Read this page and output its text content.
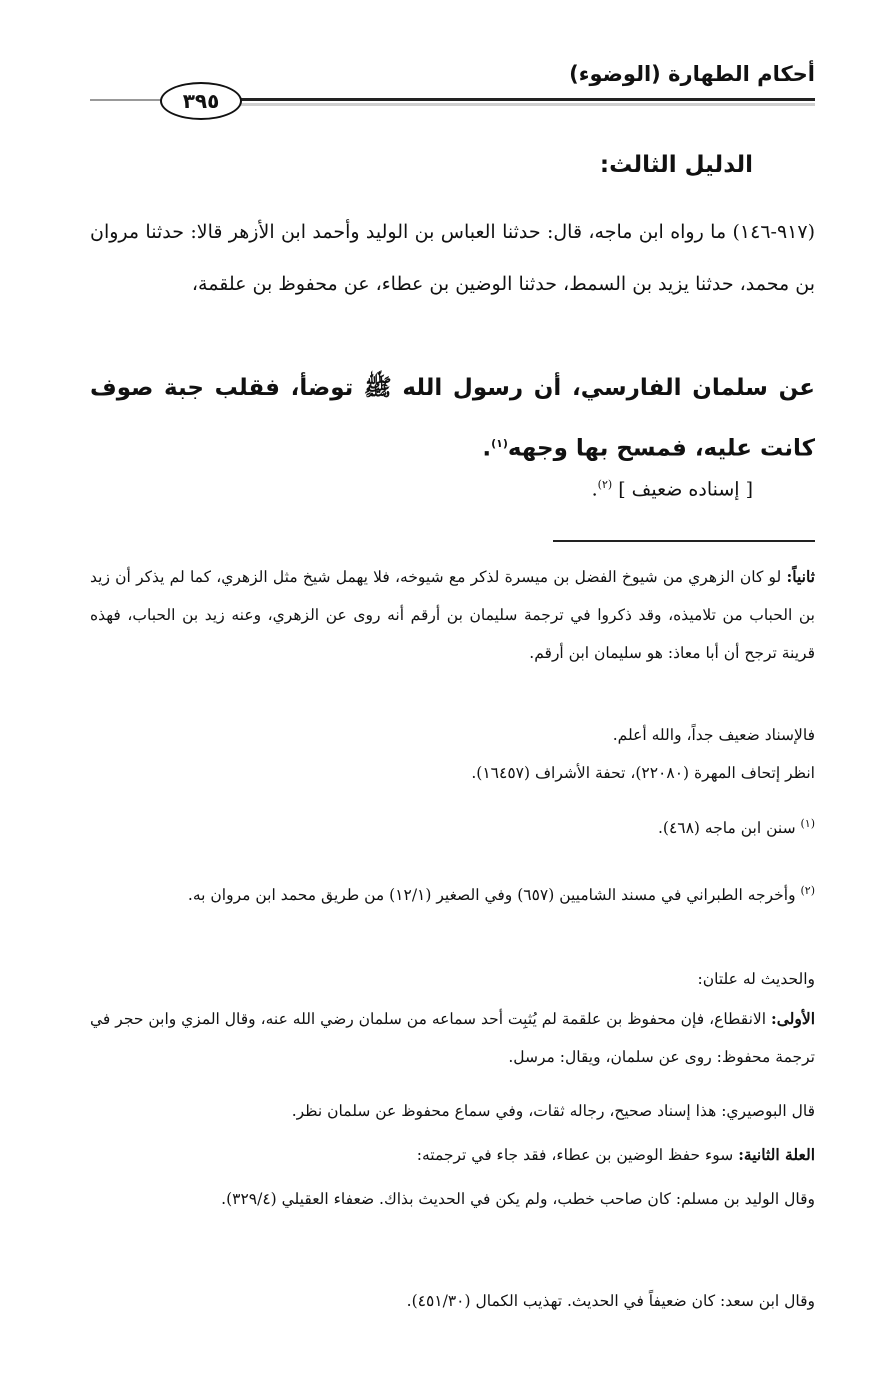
٣٩٥
أحكام الطهارة (الوضوء)
الدليل الثالث:
(٩١٧-١٤٦) ما رواه ابن ماجه، قال: حدثنا العباس بن الوليد وأحمد ابن الأزهر قالا: حدثنا مروان بن محمد، حدثنا يزيد بن السمط، حدثنا الوضين بن عطاء، عن محفوظ بن علقمة،
عن سلمان الفارسي، أن رسول الله ﷺ توضأ، فقلب جبة صوف كانت عليه، فمسح بها وجهه$^{(١)}$.
[ إسناده ضعيف ] $^{(٢)}$.
ثانياً: لو كان الزهري من شيوخ الفضل بن ميسرة لذكر مع شيوخه، فلا يهمل شيخ مثل الزهري، كما لم يذكر أن زيد بن الحباب من تلاميذه، وقد ذكروا في ترجمة سليمان بن أرقم أنه روى عن الزهري، وعنه زيد بن الحباب، فهذه قرينة ترجح أن أبا معاذ: هو سليمان ابن أرقم.
فالإسناد ضعيف جداً، والله أعلم.
انظر إتحاف المهرة (٢٢٠٨٠)، تحفة الأشراف (١٦٤٥٧).
$^{(١)}$ سنن ابن ماجه (٤٦٨).
$^{(٢)}$ وأخرجه الطبراني في مسند الشاميين (٦٥٧) وفي الصغير (١٢/١) من طريق محمد ابن مروان به.
والحديث له علتان:
الأولى: الانقطاع، فإن محفوظ بن علقمة لم يُثبِت أحد سماعه من سلمان رضي الله عنه، وقال المزي وابن حجر في ترجمة محفوظ: روى عن سلمان، ويقال: مرسل.
قال البوصيري: هذا إسناد صحيح، رجاله ثقات، وفي سماع محفوظ عن سلمان نظر.
العلة الثانية: سوء حفظ الوضين بن عطاء، فقد جاء في ترجمته:
وقال الوليد بن مسلم: كان صاحب خطب، ولم يكن في الحديث بذاك. ضعفاء العقيلي (٣٢٩/٤).
وقال ابن سعد: كان ضعيفاً في الحديث. تهذيب الكمال (٤٥١/٣٠).
